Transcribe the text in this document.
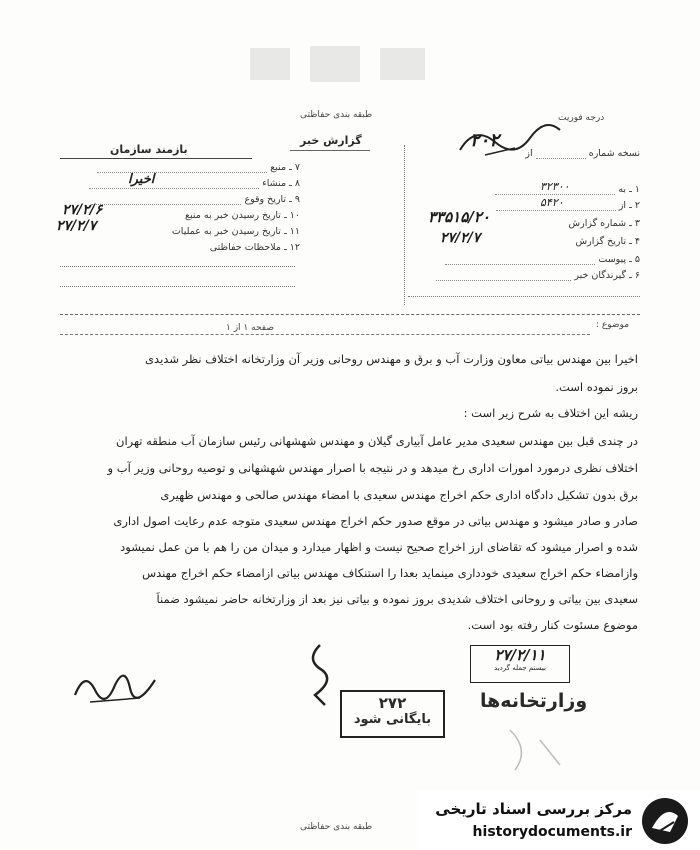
طبقه بندی حفاظتی	درجه فوریت
گزارش خبر
بازمند سازمان
۷ ـ منبع
۸ ـ منشاء
اخیرا
۹ ـ تاریخ وقوع
۱۰ ـ تاریخ رسیدن خبر به منبع
۲۷/۲/۶
۱۱ ـ تاریخ رسیدن خبر به عملیات
۲۷/۲/۷
۱۲ ـ ملاحظات حفاظتی
نسخه شماره  از
۲۰۲
۱ ـ به
۳۲۳۰۰
۲ ـ از
۵۴۲۰
۳ ـ شماره گزارش
۳۳۵۱۵/۲۰
۴ ـ تاریخ گزارش
۲۷/۲/۷
۵ ـ پیوست
۶ ـ گیرندگان خبر
موضوع :
صفحه ۱ از ۱
اخیرا بین مهندس بیاتی معاون وزارت آب و برق و مهندس روحانی وزیر آن وزارتخانه اختلاف نظر شدیدی
بروز نموده است.
ریشه این اختلاف به شرح زیر است :
در چندی قبل بین مهندس سعیدی مدیر عامل آبیاری گیلان و مهندس شهشهانی رئیس سازمان آب منطقه تهران
اختلاف نظری درمورد امورات اداری رخ میدهد و در نتیجه با اصرار مهندس شهشهانی و توصیه روحانی وزیر آب و
برق بدون تشکیل دادگاه اداری حکم اخراج مهندس سعیدی با امضاء مهندس صالحی و مهندس ظهیری
صادر و صادر میشود و مهندس بیاتی در موقع صدور حکم اخراج مهندس سعیدی متوجه عدم رعایت اصول اداری
شده و اصرار میشود که تقاضای ارز اخراج صحیح نیست و اظهار میدارد و میدان من را هم با من عمل نمیشود
وازامضاء حکم اخراج سعیدی خودداری مینماید بعدا را استنکاف مهندس بیاتی ازامضاء حکم اخراج مهندس
سعیدی بین بیاتی و روحانی اختلاف شدیدی بروز نموده و بیاتی نیز بعد از وزارتخانه حاضر نمیشود ضمناً
موضوع مسئوت کنار رفته بود است.
۲۷۲
بایگانی شود
۲۷/۲/۱۱
بیستم جمله گردید
وزارتخانه‌ها
طبقه بندی حفاظتی
مرکز بررسی اسناد تاریخی
historydocuments.ir
